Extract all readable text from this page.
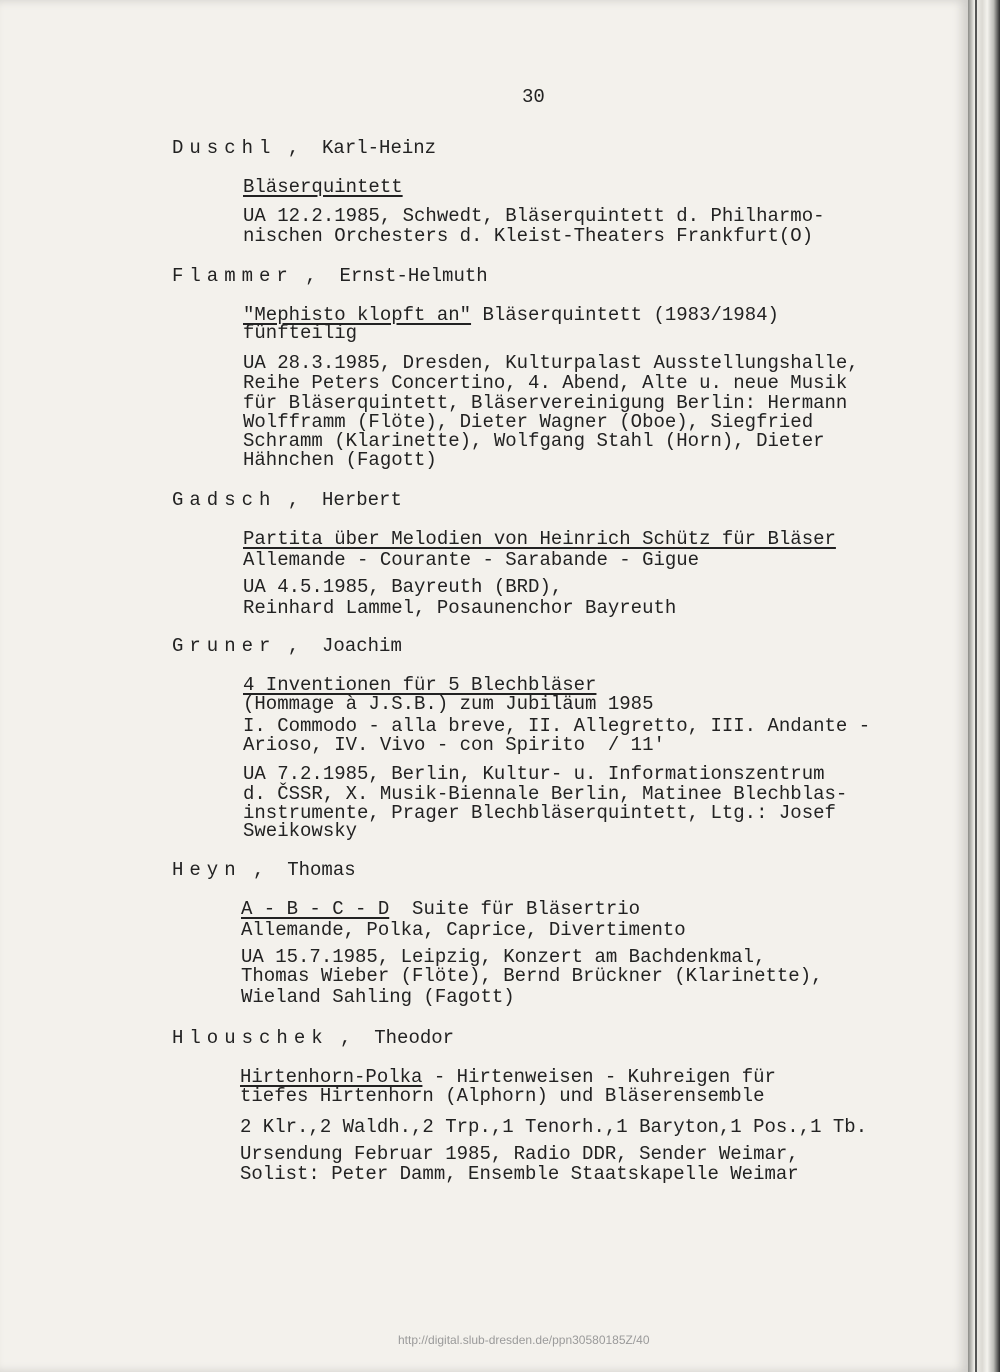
30
Duschl ,  Karl-Heinz
Bläserquintett
UA 12.2.1985, Schwedt, Bläserquintett d. Philharmo-
nischen Orchesters d. Kleist-Theaters Frankfurt(O)
Flammer ,  Ernst-Helmuth
"Mephisto klopft an" Bläserquintett (1983/1984)
fünfteilig
UA 28.3.1985, Dresden, Kulturpalast Ausstellungshalle,
Reihe Peters Concertino, 4. Abend, Alte u. neue Musik
für Bläserquintett, Bläservereinigung Berlin: Hermann
Wolfframm (Flöte), Dieter Wagner (Oboe), Siegfried
Schramm (Klarinette), Wolfgang Stahl (Horn), Dieter
Hähnchen (Fagott)
Gadsch ,  Herbert
Partita über Melodien von Heinrich Schütz für Bläser
Allemande - Courante - Sarabande - Gigue
UA 4.5.1985, Bayreuth (BRD),
Reinhard Lammel, Posaunenchor Bayreuth
Gruner ,  Joachim
4 Inventionen für 5 Blechbläser
(Hommage à J.S.B.) zum Jubiläum 1985
I. Commodo - alla breve, II. Allegretto, III. Andante -
Arioso, IV. Vivo - con Spirito  / 11'
UA 7.2.1985, Berlin, Kultur- u. Informationszentrum
d. ČSSR, X. Musik-Biennale Berlin, Matinee Blechblas-
instrumente, Prager Blechbläserquintett, Ltg.: Josef
Sweikowsky
Heyn ,  Thomas
A - B - C - D  Suite für Bläsertrio
Allemande, Polka, Caprice, Divertimento
UA 15.7.1985, Leipzig, Konzert am Bachdenkmal,
Thomas Wieber (Flöte), Bernd Brückner (Klarinette),
Wieland Sahling (Fagott)
Hlouschek ,  Theodor
Hirtenhorn-Polka - Hirtenweisen - Kuhreigen für
tiefes Hirtenhorn (Alphorn) und Bläserensemble
2 Klr.,2 Waldh.,2 Trp.,1 Tenorh.,1 Baryton,1 Pos.,1 Tb.
Ursendung Februar 1985, Radio DDR, Sender Weimar,
Solist: Peter Damm, Ensemble Staatskapelle Weimar
http://digital.slub-dresden.de/ppn30580185Z/40
